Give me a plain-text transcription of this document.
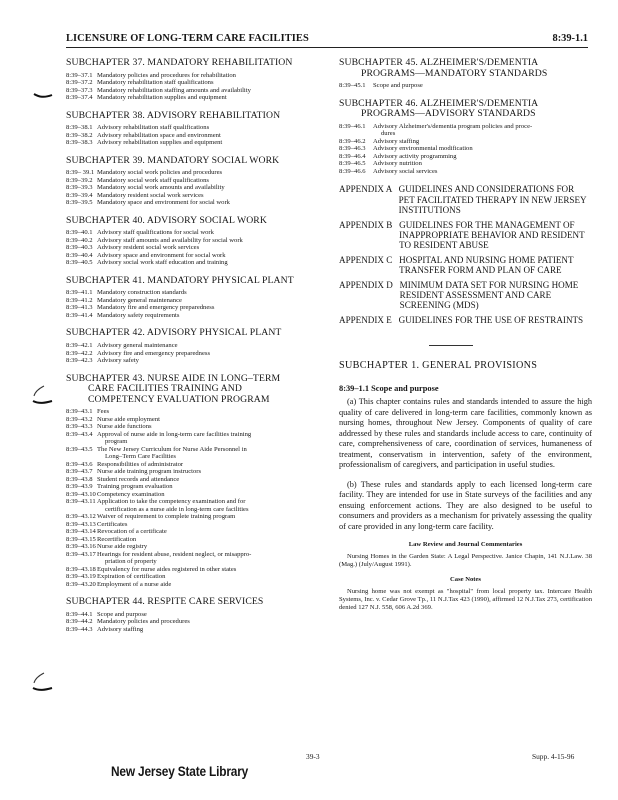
LICENSURE OF LONG-TERM CARE FACILITIES	8:39-1.1
SUBCHAPTER 37. MANDATORY REHABILITATION
8:39–37.1 Mandatory policies and procedures for rehabilitation
8:39–37.2 Mandatory rehabilitation staff qualifications
8:39–37.3 Mandatory rehabilitation staffing amounts and availability
8:39–37.4 Mandatory rehabilitation supplies and equipment
SUBCHAPTER 38. ADVISORY REHABILITATION
8:39–38.1 Advisory rehabilitation staff qualifications
8:39–38.2 Advisory rehabilitation space and environment
8:39–38.3 Advisory rehabilitation supplies and equipment
SUBCHAPTER 39. MANDATORY SOCIAL WORK
8:39– 39.1 Mandatory social work policies and procedures
8:39–39.2 Mandatory social work staff qualifications
8:39–39.3 Mandatory social work amounts and availability
8:39–39.4 Mandatory resident social work services
8:39–39.5 Mandatory space and environment for social work
SUBCHAPTER 40. ADVISORY SOCIAL WORK
8:39–40.1 Advisory staff qualifications for social work
8:39–40.2 Advisory staff amounts and availability for social work
8:39–40.3 Advisory resident social work services
8:39–40.4 Advisory space and environment for social work
8:39–40.5 Advisory social work staff education and training
SUBCHAPTER 41. MANDATORY PHYSICAL PLANT
8:39–41.1 Mandatory construction standards
8:39–41.2 Mandatory general maintenance
8:39–41.3 Mandatory fire and emergency preparedness
8:39–41.4 Mandatory safety requirements
SUBCHAPTER 42. ADVISORY PHYSICAL PLANT
8:39–42.1 Advisory general maintenance
8:39–42.2 Advisory fire and emergency preparedness
8:39–42.3 Advisory safety
SUBCHAPTER 43. NURSE AIDE IN LONG–TERM
CARE FACILITIES TRAINING AND
COMPETENCY EVALUATION PROGRAM
8:39–43.1 Fees
8:39–43.2 Nurse aide employment
8:39–43.3 Nurse aide functions
8:39–43.4 Approval of nurse aide in long-term care facilities training
program
8:39–43.5 The New Jersey Curriculum for Nurse Aide Personnel in
Long–Term Care Facilities
8:39–43.6 Responsibilities of administrator
8:39–43.7 Nurse aide training program instructors
8:39–43.8 Student records and attendance
8:39–43.9 Training program evaluation
8:39–43.10 Competency examination
8:39–43.11 Application to take the competency examination and for
certification as a nurse aide in long-term care facilities
8:39–43.12 Waiver of requirement to complete training program
8:39–43.13 Certificates
8:39–43.14 Revocation of a certificate
8:39–43.15 Recertification
8:39–43.16 Nurse aide registry
8:39–43.17 Hearings for resident abuse, resident neglect, or misappro-
priation of property
8:39–43.18 Equivalency for nurse aides registered in other states
8:39–43.19 Expiration of certification
8:39–43.20 Employment of a nurse aide
SUBCHAPTER 44. RESPITE CARE SERVICES
8:39–44.1 Scope and purpose
8:39–44.2 Mandatory policies and procedures
8:39–44.3 Advisory staffing
SUBCHAPTER 45. ALZHEIMER'S/DEMENTIA
PROGRAMS—MANDATORY STANDARDS
8:39–45.1	Scope and purpose
SUBCHAPTER 46. ALZHEIMER'S/DEMENTIA
PROGRAMS—ADVISORY STANDARDS
8:39–46.1	Advisory Alzheimer's/dementia program policies and proce-
dures
8:39–46.2	Advisory staffing
8:39–46.3	Advisory environmental modification
8:39–46.4	Advisory activity programming
8:39–46.5	Advisory nutrition
8:39–46.6	Advisory social services
APPENDIX A GUIDELINES AND CONSIDERATIONS FOR PET FACILITATED THERAPY IN NEW JERSEY INSTITUTIONS
APPENDIX B GUIDELINES FOR THE MANAGEMENT OF INAPPROPRIATE BEHAVIOR AND RESIDENT TO RESIDENT ABUSE
APPENDIX C HOSPITAL AND NURSING HOME PATIENT TRANSFER FORM AND PLAN OF CARE
APPENDIX D MINIMUM DATA SET FOR NURSING HOME RESIDENT ASSESSMENT AND CARE SCREENING (MDS)
APPENDIX E GUIDELINES FOR THE USE OF RESTRAINTS
SUBCHAPTER 1. GENERAL PROVISIONS
8:39–1.1 Scope and purpose

(a) This chapter contains rules and standards intended to assure the high quality of care delivered in long-term care facilities, commonly known as nursing homes, throughout New Jersey. Components of quality of care addressed by these rules and standards include access to care, continuity of care, comprehensiveness of care, coordination of services, humaneness of treatment, conservatism in intervention, safety of the environment, professionalism of caregivers, and participation in useful studies.

(b) These rules and standards apply to each licensed long-term care facility. They are intended for use in State surveys of the facilities and any ensuing enforcement actions. They are also designed to be useful to consumers and providers as a mechanism for privately assessing the quality of care provided in any long-term care facility.

Law Review and Journal Commentaries

Nursing Homes in the Garden State: A Legal Perspective. Janice Chapin, 141 N.J.Law. 38 (Mag.) (July/August 1991).

Case Notes

Nursing home was not exempt as "hospital" from local property tax. Intercare Health Systems, Inc. v. Cedar Grove Tp., 11 N.J.Tax 423 (1990), affirmed 12 N.J.Tax 273, certification denied 127 N.J. 558, 606 A.2d 369.

39-3	Supp. 4-15-96
New Jersey State Library
